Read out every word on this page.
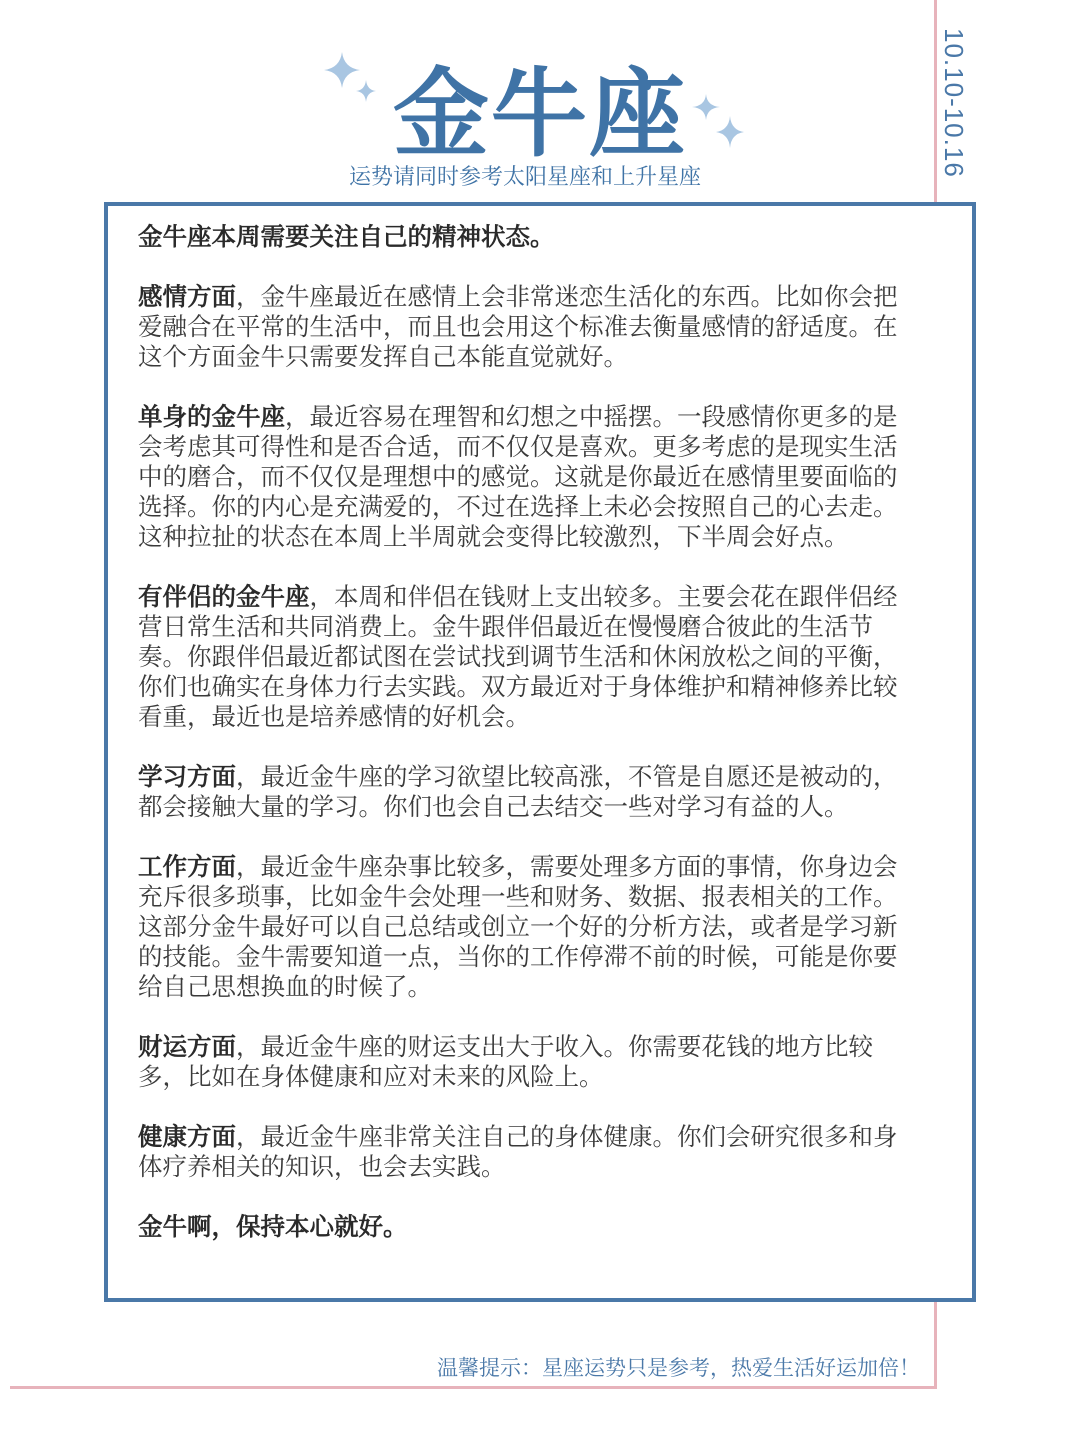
10.10-10.16
金牛座
运势请同时参考太阳星座和上升星座

金牛座本周需要关注自己的精神状态。

感情方面，金牛座最近在感情上会非常迷恋生活化的东西。比如你会把爱融合在平常的生活中，而且也会用这个标准去衡量感情的舒适度。在这个方面金牛只需要发挥自己本能直觉就好。

单身的金牛座，最近容易在理智和幻想之中摇摆。一段感情你更多的是会考虑其可得性和是否合适，而不仅仅是喜欢。更多考虑的是现实生活中的磨合，而不仅仅是理想中的感觉。这就是你最近在感情里要面临的选择。你的内心是充满爱的，不过在选择上未必会按照自己的心去走。这种拉扯的状态在本周上半周就会变得比较激烈，下半周会好点。

有伴侣的金牛座，本周和伴侣在钱财上支出较多。主要会花在跟伴侣经营日常生活和共同消费上。金牛跟伴侣最近在慢慢磨合彼此的生活节奏。你跟伴侣最近都试图在尝试找到调节生活和休闲放松之间的平衡，你们也确实在身体力行去实践。双方最近对于身体维护和精神修养比较看重，最近也是培养感情的好机会。

学习方面，最近金牛座的学习欲望比较高涨，不管是自愿还是被动的，都会接触大量的学习。你们也会自己去结交一些对学习有益的人。

工作方面，最近金牛座杂事比较多，需要处理多方面的事情，你身边会充斥很多琐事，比如金牛会处理一些和财务、数据、报表相关的工作。这部分金牛最好可以自己总结或创立一个好的分析方法，或者是学习新的技能。金牛需要知道一点，当你的工作停滞不前的时候，可能是你要给自己思想换血的时候了。

财运方面，最近金牛座的财运支出大于收入。你需要花钱的地方比较多，比如在身体健康和应对未来的风险上。

健康方面，最近金牛座非常关注自己的身体健康。你们会研究很多和身体疗养相关的知识，也会去实践。

金牛啊，保持本心就好。

温馨提示：星座运势只是参考，热爱生活好运加倍！
